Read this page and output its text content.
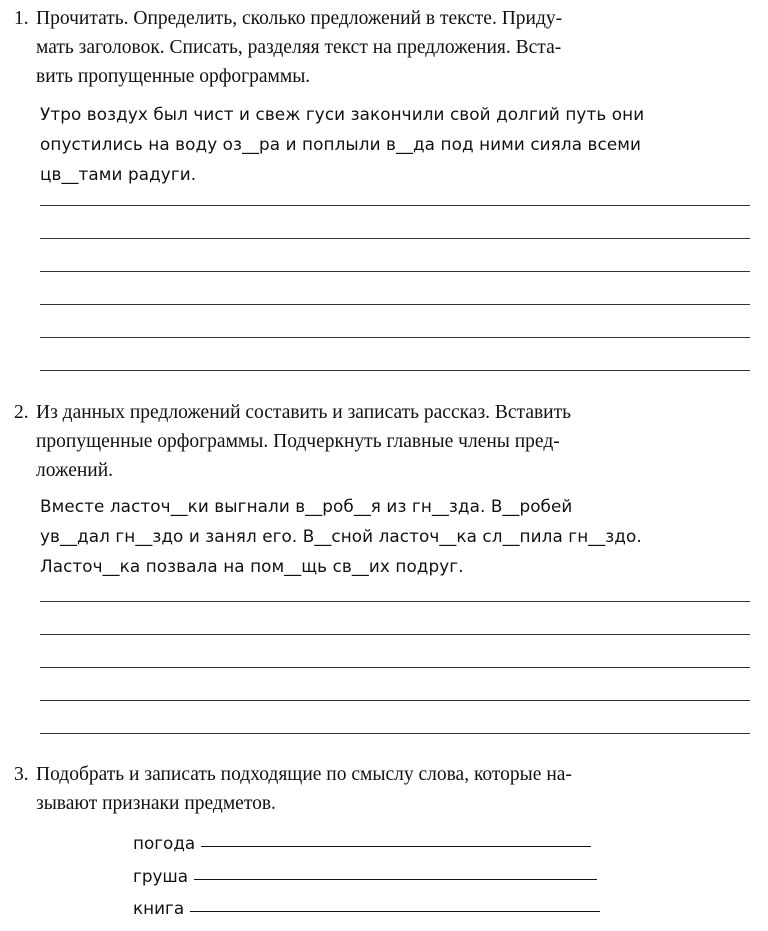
1. Прочитать. Определить, сколько предложений в тексте. Приду-
мать заголовок. Списать, разделяя текст на предложения. Вста-
вить пропущенные орфограммы.

Утро воздух был чист и свеж гуси закончили свой долгий путь они
опустились на воду оз__ра и поплыли в__да под ними сияла всеми
цв__тами радуги.

2. Из данных предложений составить и записать рассказ. Вставить
пропущенные орфограммы. Подчеркнуть главные члены пред-
ложений.

Вместе ласточ__ки выгнали в__роб__я из гн__зда. В__робей
ув__дал гн__здо и занял его. В__сной ласточ__ка сл__пила гн__здо.
Ласточ__ка позвала на пом__щь св__их подруг.

3. Подобрать и записать подходящие по смыслу слова, которые на-
зывают признаки предметов.

погода
груша
книга
